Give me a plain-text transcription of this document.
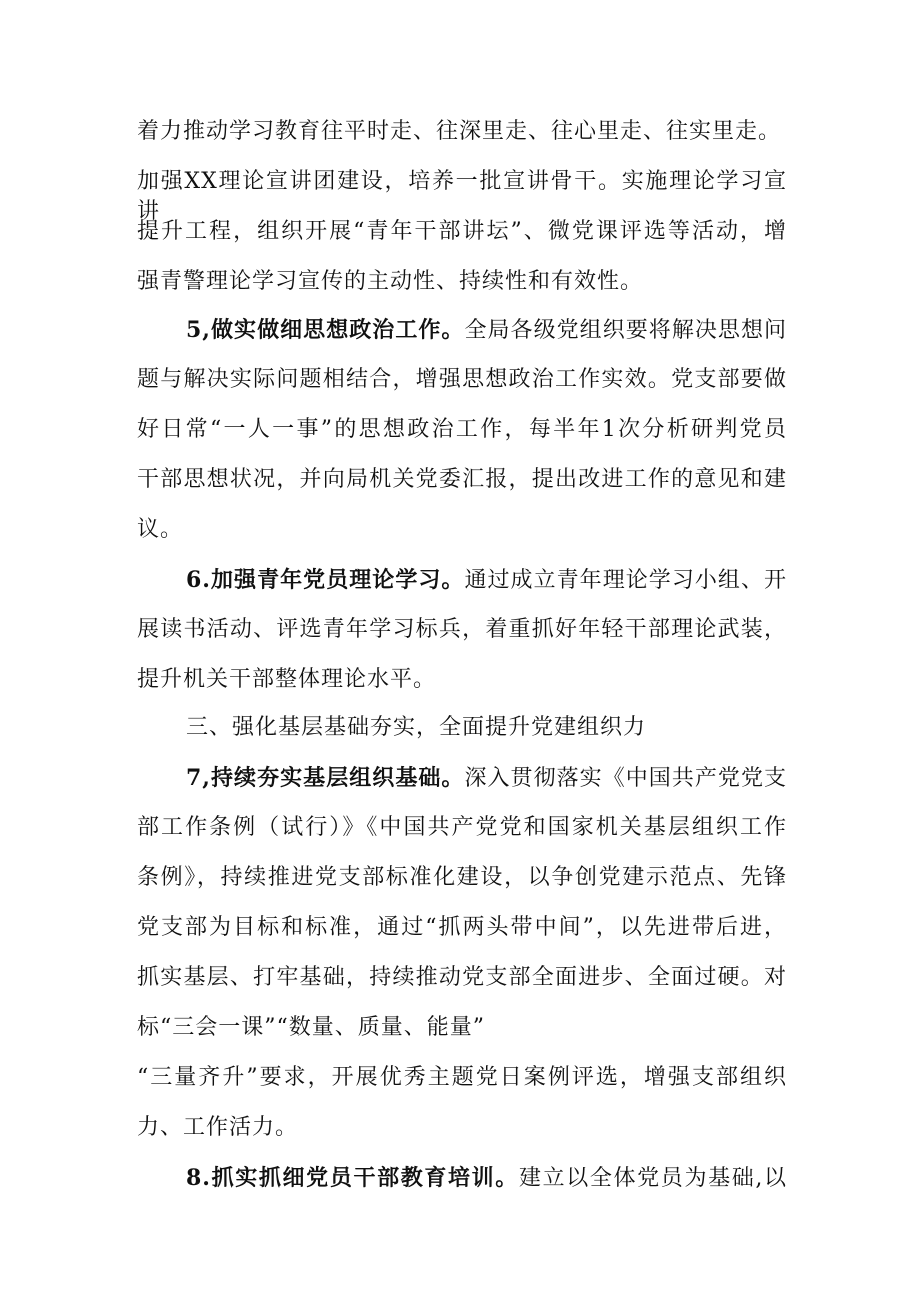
着力推动学习教育往平时走、往深里走、往心里走、往实里走。
加强XX理论宣讲团建设，培养一批宣讲骨干。实施理论学习宣讲
提升工程，组织开展“青年干部讲坛”、微党课评选等活动，增
强青警理论学习宣传的主动性、持续性和有效性。
5,做实做细思想政治工作。全局各级党组织要将解决思想问
题与解决实际问题相结合，增强思想政治工作实效。党支部要做
好日常“一人一事”的思想政治工作，每半年1次分析研判党员
干部思想状况，并向局机关党委汇报，提出改进工作的意见和建
议。
6.加强青年党员理论学习。通过成立青年理论学习小组、开
展读书活动、评选青年学习标兵，着重抓好年轻干部理论武装，
提升机关干部整体理论水平。
三、强化基层基础夯实，全面提升党建组织力
7,持续夯实基层组织基础。深入贯彻落实《中国共产党党支
部工作条例（试行）》《中国共产党党和国家机关基层组织工作
条例》，持续推进党支部标准化建设，以争创党建示范点、先锋
党支部为目标和标准，通过“抓两头带中间”，以先进带后进，
抓实基层、打牢基础，持续推动党支部全面进步、全面过硬。对
标“三会一课”“数量、质量、能量”
“三量齐升”要求，开展优秀主题党日案例评选，增强支部组织
力、工作活力。
8.抓实抓细党员干部教育培训。建立以全体党员为基础,以
